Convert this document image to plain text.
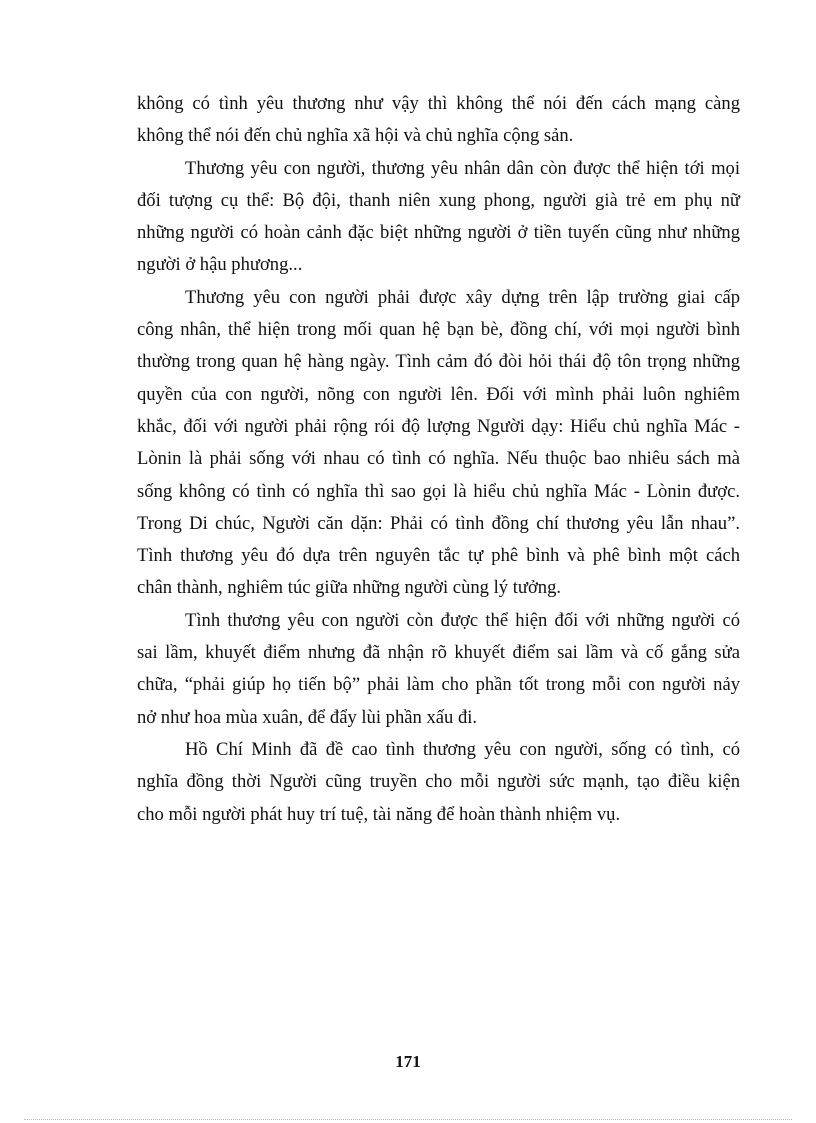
không có tình yêu thương như vậy thì không thể nói đến cách mạng càng
không thể nói đến chủ nghĩa xã hội và chủ nghĩa cộng sản.
Thương yêu con người, thương yêu nhân dân còn được thể hiện tới mọi
đối tượng cụ thể: Bộ đội, thanh niên xung phong, người già trẻ em phụ nữ
những người có hoàn cảnh đặc biệt những người ở tiền tuyến cũng như những
người ở hậu phương...
Thương yêu con người phải được xây dựng trên lập trường giai cấp
công nhân, thể hiện trong mối quan hệ bạn bè, đồng chí, với mọi người bình
thường trong quan hệ hàng ngày. Tình cảm đó đòi hỏi thái độ tôn trọng những
quyền của con người, nõng con người lên. Đối với mình phải luôn nghiêm
khắc, đối với người phải rộng rói độ lượng Người dạy: Hiểu chủ nghĩa Mác -
Lònin là phải sống với nhau có tình có nghĩa. Nếu thuộc bao nhiêu sách mà
sống không có tình có nghĩa thì sao gọi là hiểu chủ nghĩa Mác - Lònin được.
Trong Di chúc, Người căn dặn: Phải có tình đồng chí thương yêu lẫn nhau”.
Tình thương yêu đó dựa trên nguyên tắc tự phê bình và phê bình một cách
chân thành, nghiêm túc giữa những người cùng lý tưởng.
Tình thương yêu con người còn được thể hiện đối với những người có
sai lầm, khuyết điểm nhưng đã nhận rõ khuyết điểm sai lầm và cố gắng sửa
chữa, “phải giúp họ tiến bộ” phải làm cho phần tốt trong mỗi con người nảy
nở như hoa mùa xuân, để đẩy lùi phần xấu đi.
Hồ Chí Minh đã đề cao tình thương yêu con người, sống có tình, có
nghĩa đồng thời Người cũng truyền cho mỗi người sức mạnh, tạo điều kiện
cho mỗi người phát huy trí tuệ, tài năng để hoàn thành nhiệm vụ.
171
